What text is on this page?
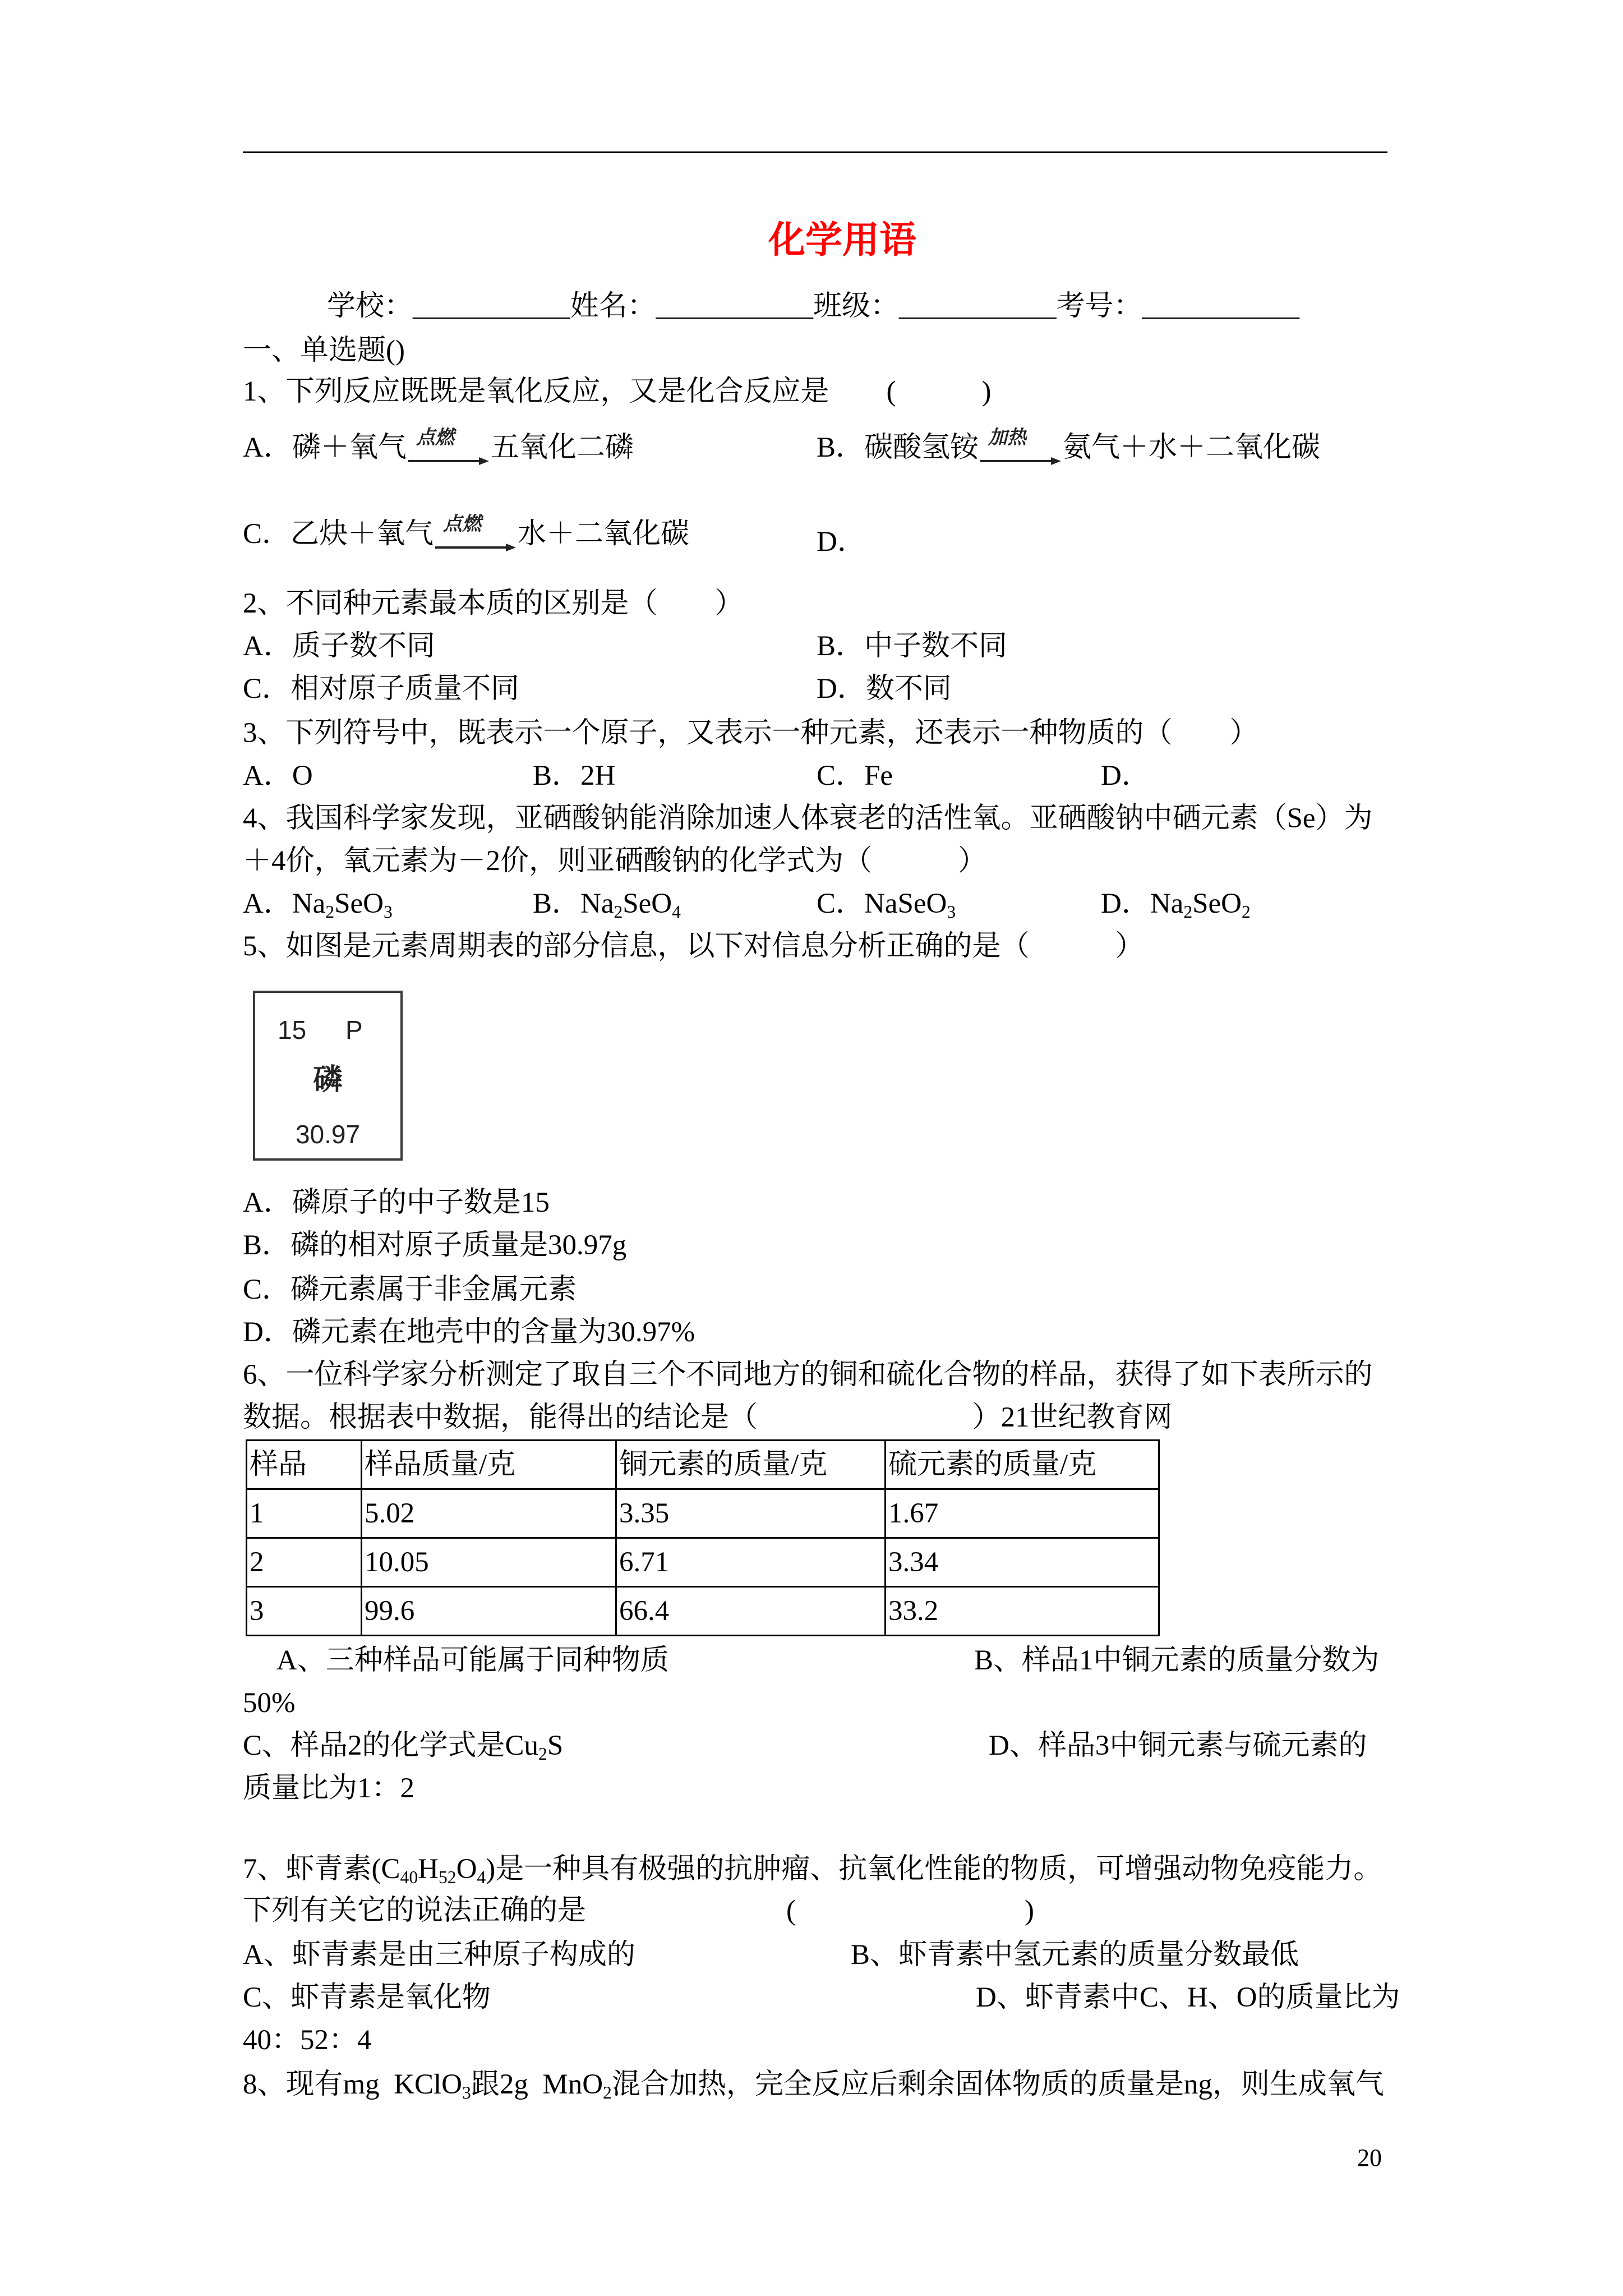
化学用语
学校：___________姓名：___________班级：___________考号：___________
一、单选题()
1、下列反应既既是氧化反应，又是化合反应是    (      )
A．磷＋氧气 点燃 五氧化二磷	B．碳酸氢铵 加热 氨气＋水＋二氧化碳
C．乙炔＋氧气 点燃 水＋二氧化碳	D．
2、不同种元素最本质的区别是（    ）
A．质子数不同	B．中子数不同
C．相对原子质量不同	D．数不同
3、下列符号中，既表示一个原子，又表示一种元素，还表示一种物质的（    ）
A．O	B．2H	C．Fe	D．
4、我国科学家发现，亚硒酸钠能消除加速人体衰老的活性氧。亚硒酸钠中硒元素（Se）为
＋4价，氧元素为－2价，则亚硒酸钠的化学式为（      ）
A．$Na_2SeO_3$	B．$Na_2SeO_4$	C．NaSeO$_3$	D．$Na_2SeO_2$
5、如图是元素周期表的部分信息，以下对信息分析正确的是（      ）
15 P
磷
30.97
A．磷原子的中子数是15
B．磷的相对原子质量是30.97g
C．磷元素属于非金属元素
D．磷元素在地壳中的含量为30.97%
6、一位科学家分析测定了取自三个不同地方的铜和硫化合物的样品，获得了如下表所示的
数据。根据表中数据，能得出的结论是（               ）21世纪教育网
样品	样品质量/克	铜元素的质量/克	硫元素的质量/克
1	5.02	3.35	1.67
2	10.05	6.71	3.34
3	99.6	66.4	33.2
A、三种样品可能属于同种物质	B、样品1中铜元素的质量分数为
50%
C、样品2的化学式是$Cu_2S$	D、样品3中铜元素与硫元素的
质量比为1：2
7、虾青素$(C_{40}H_{52}O_4)$是一种具有极强的抗肿瘤、抗氧化性能的物质，可增强动物免疫能力。
下列有关它的说法正确的是              (                )
A、虾青素是由三种原子构成的	B、虾青素中氢元素的质量分数最低
C、虾青素是氧化物	D、虾青素中C、H、O的质量比为
40：52：4
8、现有mg KClO$_3$跟2g MnO$_2$混合加热，完全反应后剩余固体物质的质量是ng，则生成氧气
20
